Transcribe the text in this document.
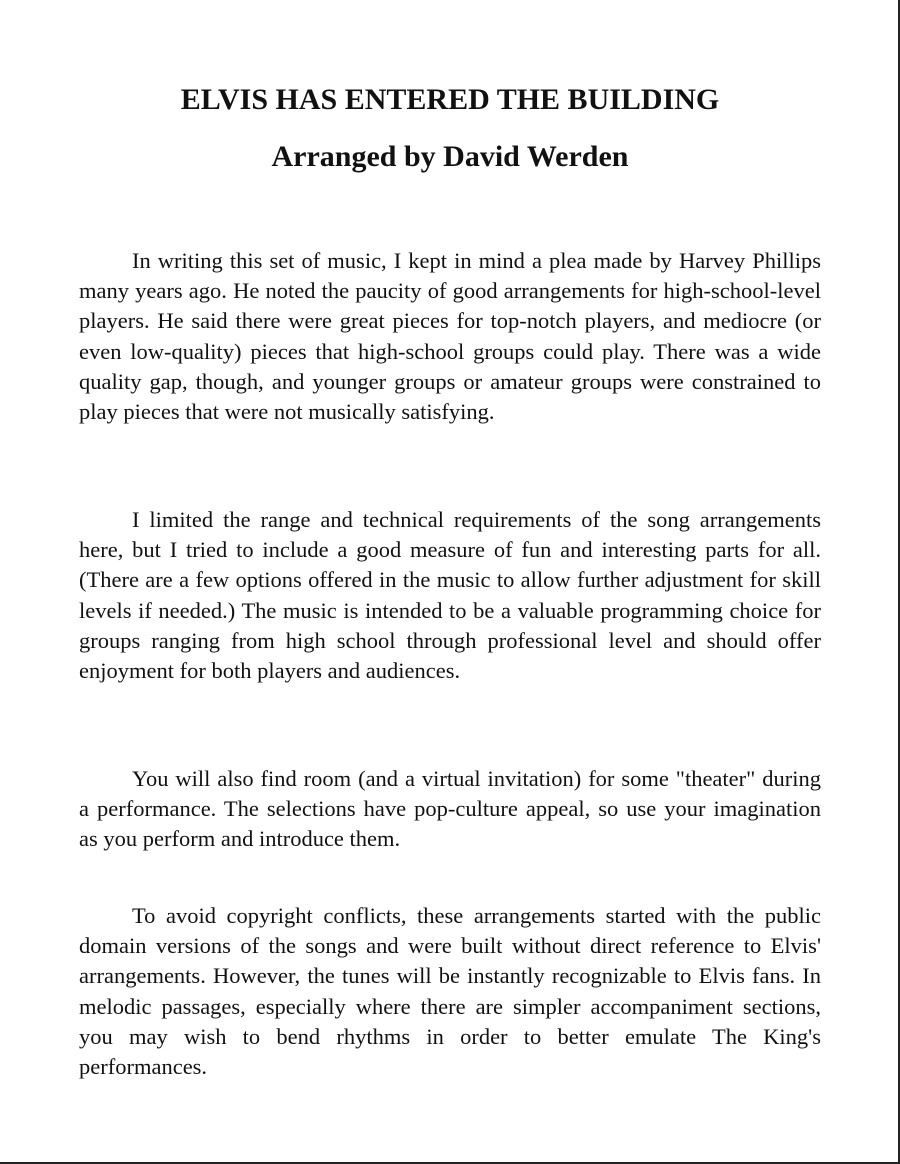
ELVIS HAS ENTERED THE BUILDING
Arranged by David Werden

In writing this set of music, I kept in mind a plea made by Harvey Phillips many years ago. He noted the paucity of good arrangements for high-school-level players. He said there were great pieces for top-notch players, and mediocre (or even low-quality) pieces that high-school groups could play. There was a wide quality gap, though, and younger groups or amateur groups were constrained to play pieces that were not musically satisfying.

I limited the range and technical requirements of the song arrangements here, but I tried to include a good measure of fun and interesting parts for all. (There are a few options offered in the music to allow further adjustment for skill levels if needed.) The music is intended to be a valuable programming choice for groups ranging from high school through professional level and should offer enjoyment for both players and audiences.

You will also find room (and a virtual invitation) for some "theater" during a performance. The selections have pop-culture appeal, so use your imagination as you perform and introduce them.

To avoid copyright conflicts, these arrangements started with the public domain versions of the songs and were built without direct reference to Elvis' arrangements. However, the tunes will be instantly recognizable to Elvis fans. In melodic passages, especially where there are simpler accompaniment sections, you may wish to bend rhythms in order to better emulate The King's performances.
